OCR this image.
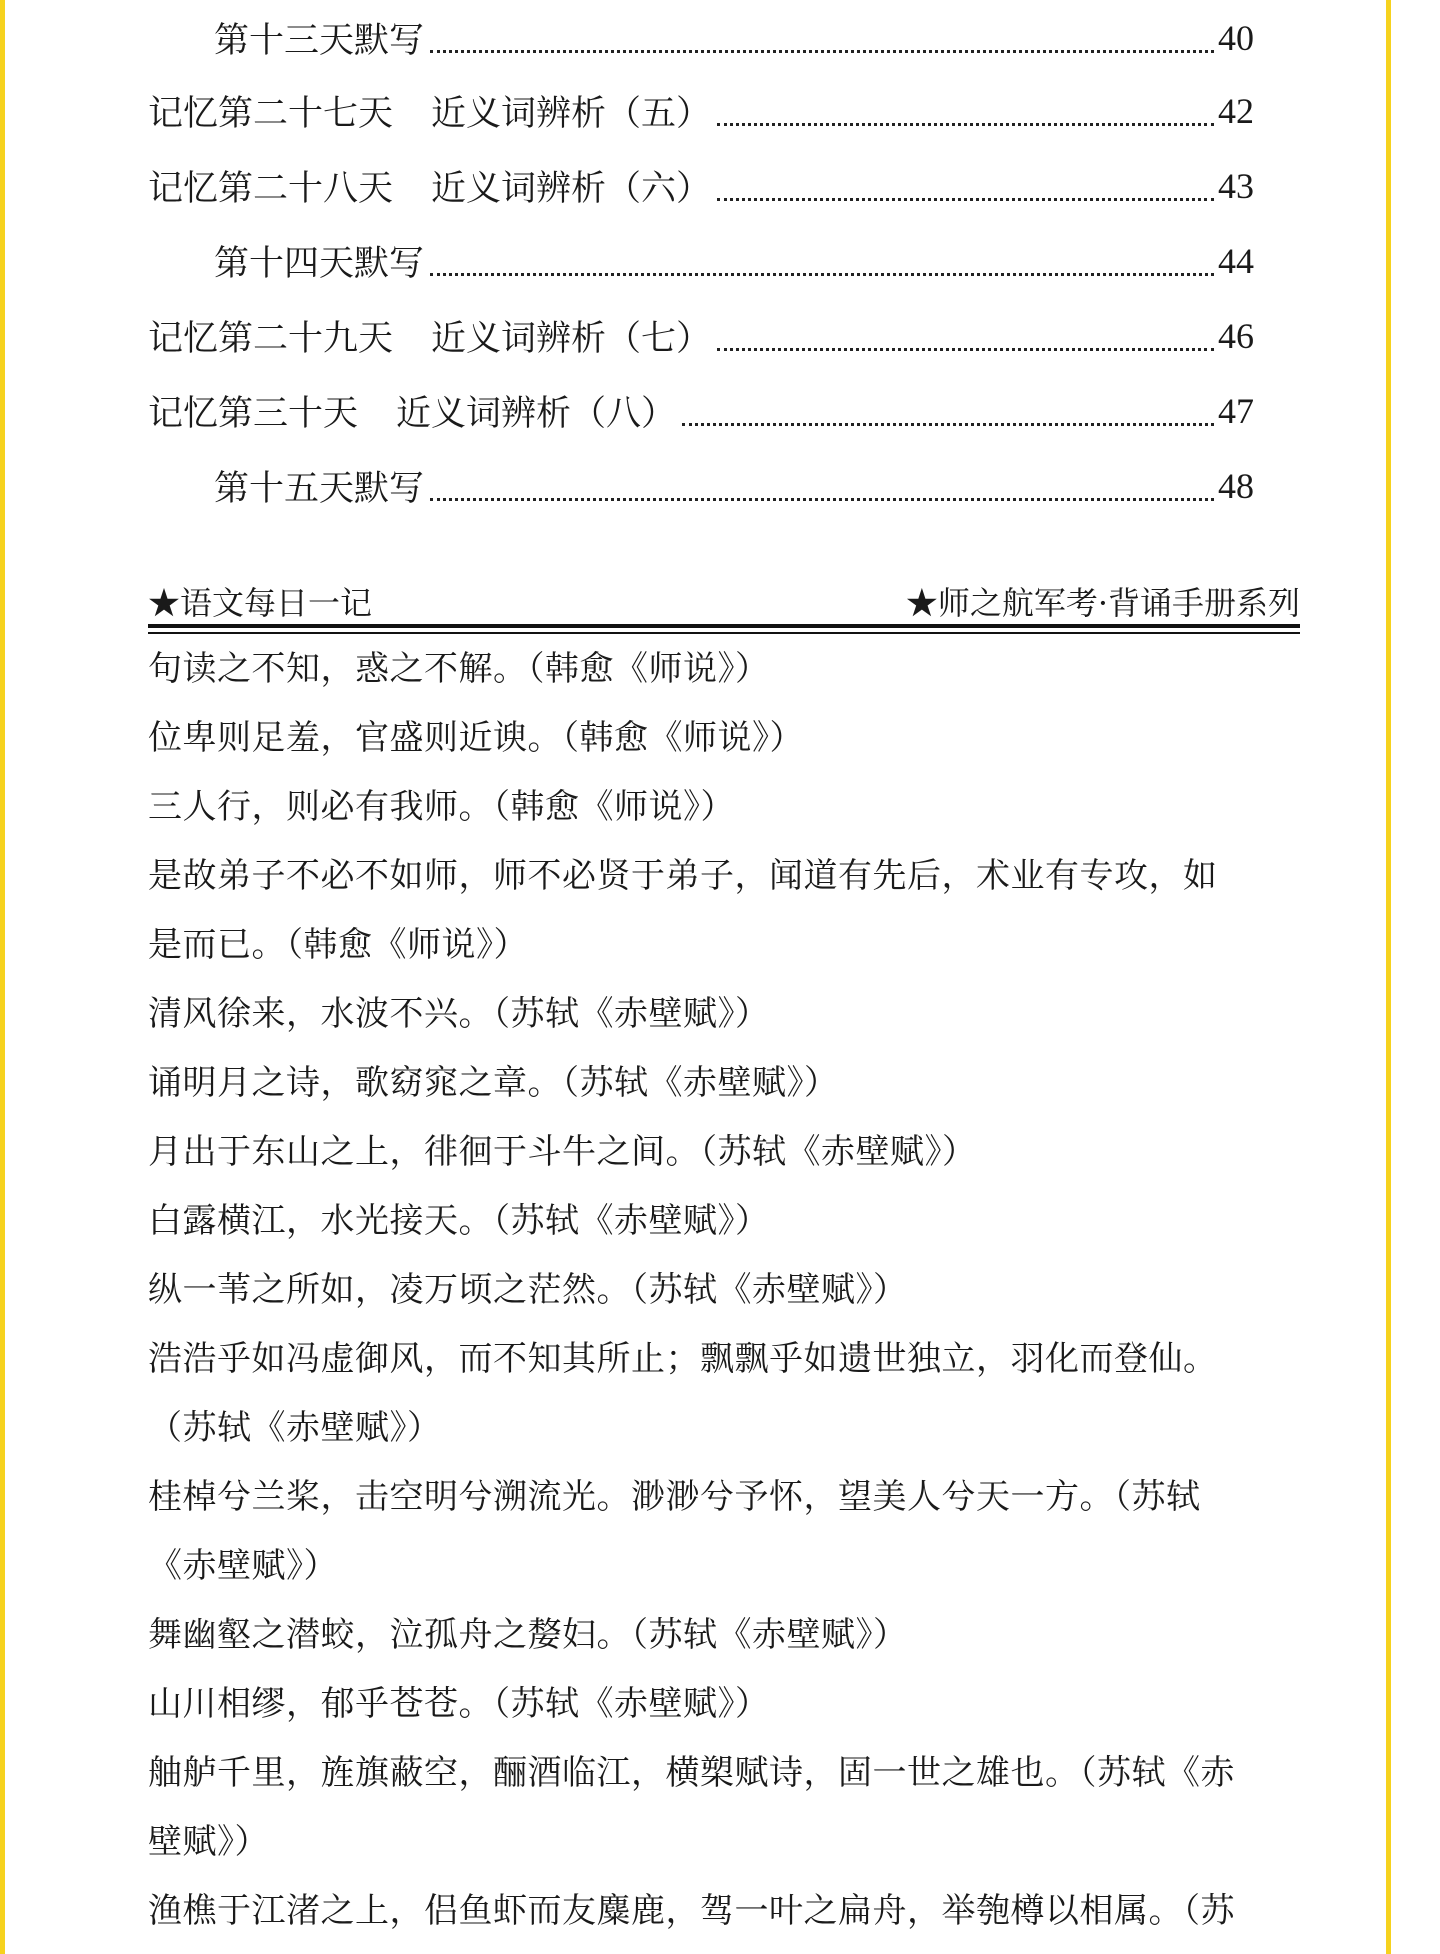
第十三天默写	40
记忆第二十七天 近义词辨析（五）	42
记忆第二十八天 近义词辨析（六）	43
第十四天默写	44
记忆第二十九天 近义词辨析（七）	46
记忆第三十天 近义词辨析（八）	47
第十五天默写	48
★语文每日一记	★师之航军考·背诵手册系列
句读之不知，惑之不解。（韩愈《师说》）
位卑则足羞，官盛则近谀。（韩愈《师说》）
三人行，则必有我师。（韩愈《师说》）
是故弟子不必不如师，师不必贤于弟子，闻道有先后，术业有专攻，如
是而已。（韩愈《师说》）
清风徐来，水波不兴。（苏轼《赤壁赋》）
诵明月之诗，歌窈窕之章。（苏轼《赤壁赋》）
月出于东山之上，徘徊于斗牛之间。（苏轼《赤壁赋》）
白露横江，水光接天。（苏轼《赤壁赋》）
纵一苇之所如，凌万顷之茫然。（苏轼《赤壁赋》）
浩浩乎如冯虚御风，而不知其所止；飘飘乎如遗世独立，羽化而登仙。
（苏轼《赤壁赋》）
桂棹兮兰桨，击空明兮溯流光。渺渺兮予怀，望美人兮天一方。（苏轼
《赤壁赋》）
舞幽壑之潜蛟，泣孤舟之嫠妇。（苏轼《赤壁赋》）
山川相缪，郁乎苍苍。（苏轼《赤壁赋》）
舳舻千里，旌旗蔽空，酾酒临江，横槊赋诗，固一世之雄也。（苏轼《赤
壁赋》）
渔樵于江渚之上，侣鱼虾而友麋鹿，驾一叶之扁舟，举匏樽以相属。（苏
